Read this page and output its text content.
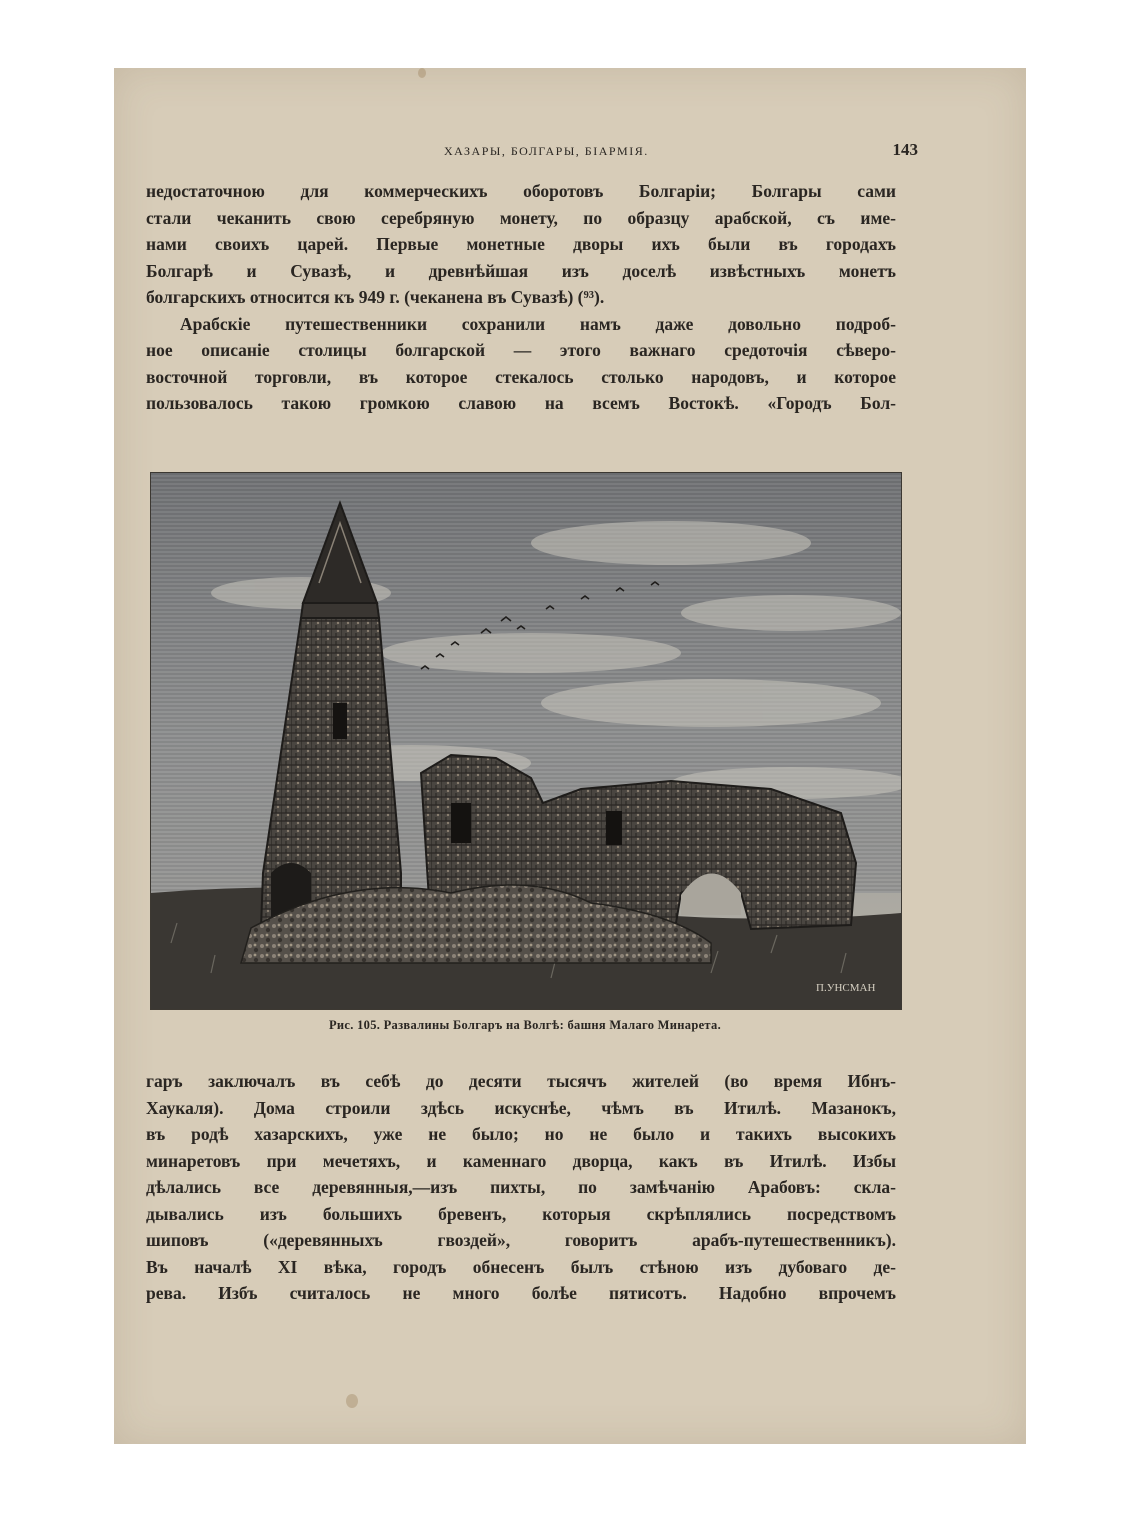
ХАЗАРЫ, БОЛГАРЫ, БІАРМІЯ.	143
недостаточною для коммерческихъ оборотовъ Болгаріи; Болгары сами
стали чеканить свою серебряную монету, по образцу арабской, съ име-
нами своихъ царей. Первые монетные дворы ихъ были въ городахъ
Болгарѣ и Сувазѣ, и древнѣйшая изъ доселѣ извѣстныхъ монетъ
болгарскихъ относится къ 949 г. (чеканена въ Сувазѣ) (⁹³).
Арабскіе путешественники сохранили намъ даже довольно подроб-
ное описаніе столицы болгарской — этого важнаго средоточія сѣверо-
восточной торговли, въ которое стекалось столько народовъ, и которое
пользовалось такою громкою славою на всемъ Востокѣ. «Городъ Бол-
П.УНСМАН
Рис. 105. Развалины Болгаръ на Волгѣ: башня Малаго Минарета.
гаръ заключалъ въ себѣ до десяти тысячъ жителей (во время Ибнъ-
Хаукаля). Дома строили здѣсь искуснѣе, чѣмъ въ Итилѣ. Мазанокъ,
въ родѣ хазарскихъ, уже не было; но не было и такихъ высокихъ
минаретовъ при мечетяхъ, и каменнаго дворца, какъ въ Итилѣ. Избы
дѣлались все деревянныя,—изъ пихты, по замѣчанію Арабовъ: скла-
дывались изъ большихъ бревенъ, которыя скрѣплялись посредствомъ
шиповъ («деревянныхъ гвоздей», говоритъ арабъ-путешественникъ).
Въ началѣ XI вѣка, городъ обнесенъ былъ стѣною изъ дубоваго де-
рева. Избъ считалось не много болѣе пятисотъ. Надобно впрочемъ
